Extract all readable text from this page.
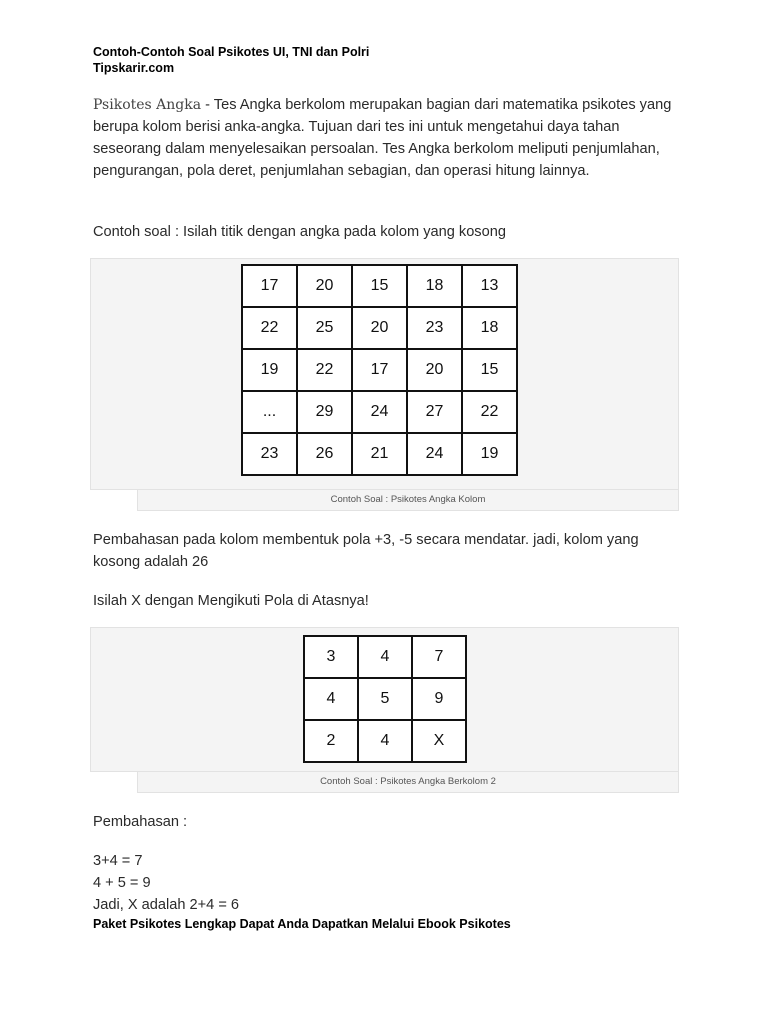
Contoh-Contoh Soal Psikotes UI, TNI dan Polri
Tipskarir.com
Psikotes Angka - Tes Angka berkolom merupakan bagian dari matematika psikotes yang berupa kolom berisi anka-angka. Tujuan dari tes ini untuk mengetahui daya tahan seseorang dalam menyelesaikan persoalan. Tes Angka berkolom meliputi penjumlahan, pengurangan, pola deret, penjumlahan sebagian, dan operasi hitung lainnya.
Contoh soal : Isilah titik dengan angka pada kolom yang kosong
17	20	15	18	13
22	25	20	23	18
19	22	17	20	15
...	29	24	27	22
23	26	21	24	19
Contoh Soal : Psikotes Angka Kolom
Pembahasan pada kolom membentuk pola +3, -5 secara mendatar. jadi, kolom yang kosong adalah 26
Isilah X dengan Mengikuti Pola di Atasnya!
3	4	7
4	5	9
2	4	X
Contoh Soal : Psikotes Angka Berkolom 2
Pembahasan :
3+4 = 7
4 + 5 = 9
Jadi, X adalah 2+4 = 6
Paket Psikotes Lengkap Dapat Anda Dapatkan Melalui Ebook Psikotes
